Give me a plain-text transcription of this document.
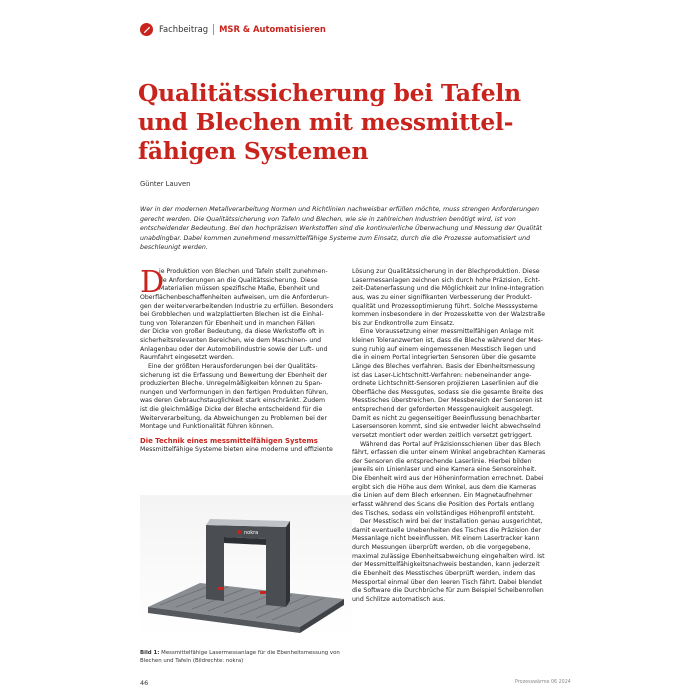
Fachbeitrag MSR & Automatisieren
Qualitätssicherung bei Tafeln und Blechen mit messmittel-fähigen Systemen
Günter Lauven

Wer in der modernen Metallverarbeitung Normen und Richtlinien nachweisbar erfüllen möchte, muss strengen Anforderungen gerecht werden. Die Qualitätssicherung von Tafeln und Blechen, wie sie in zahlreichen Industrien benötigt wird, ist von entscheidender Bedeutung. Bei den hochpräzisen Werkstoffen sind die kontinuierliche Überwachung und Messung der Qualität unabdingbar. Dabei kommen zunehmend messmittelfähige Systeme zum Einsatz, durch die die Prozesse automatisiert und beschleunigt werden.

D
ie Produktion von Blechen und Tafeln stellt zunehmen-
de Anforderungen an die Qualitätssicherung. Diese
Materialien müssen spezifische Maße, Ebenheit und
Oberflächenbeschaffenheiten aufweisen, um die Anforderun-
gen der weiterverarbeitenden Industrie zu erfüllen. Besonders
bei Grobblechen und walzplattierten Blechen ist die Einhal-
tung von Toleranzen für Ebenheit und in manchen Fällen
der Dicke von großer Bedeutung, da diese Werkstoffe oft in
sicherheitsrelevanten Bereichen, wie dem Maschinen- und
Anlagenbau oder der Automobilindustrie sowie der Luft- und
Raumfahrt eingesetzt werden.
Eine der größten Herausforderungen bei der Qualitäts-
sicherung ist die Erfassung und Bewertung der Ebenheit der
produzierten Bleche. Unregelmäßigkeiten können zu Span-
nungen und Verformungen in den fertigen Produkten führen,
was deren Gebrauchstauglichkeit stark einschränkt. Zudem
ist die gleichmäßige Dicke der Bleche entscheidend für die
Weiterverarbeitung, da Abweichungen zu Problemen bei der
Montage und Funktionalität führen können.
Die Technik eines messmittelfähigen Systems
Messmittelfähige Systeme bieten eine moderne und effiziente
nokra
Bild 1: Messmittelfähige Lasermessanlage für die Ebenheitsmessung von Blechen und Tafeln (Bildrechte: nokra)
Lösung zur Qualitätssicherung in der Blechproduktion. Diese
Lasermessanlagen zeichnen sich durch hohe Präzision, Echt-
zeit-Datenerfassung und die Möglichkeit zur Inline-Integration
aus, was zu einer signifikanten Verbesserung der Produkt-
qualität und Prozessoptimierung führt. Solche Messsysteme
kommen insbesondere in der Prozesskette von der Walzstraße
bis zur Endkontrolle zum Einsatz.
Eine Voraussetzung einer messmittelfähigen Anlage mit
kleinen Toleranzwerten ist, dass die Bleche während der Mes-
sung ruhig auf einem eingemessenen Messtisch liegen und
die in einem Portal integrierten Sensoren über die gesamte
Länge des Bleches verfahren. Basis der Ebenheitsmessung
ist das Laser-Lichtschnitt-Verfahren: nebeneinander ange-
ordnete Lichtschnitt-Sensoren projizieren Laserlinien auf die
Oberfläche des Messgutes, sodass sie die gesamte Breite des
Messtisches überstreichen. Der Messbereich der Sensoren ist
entsprechend der geforderten Messgenauigkeit ausgelegt.
Damit es nicht zu gegenseitiger Beeinflussung benachbarter
Lasersensoren kommt, sind sie entweder leicht abwechselnd
versetzt montiert oder werden zeitlich versetzt getriggert.
Während das Portal auf Präzisionsschienen über das Blech
fährt, erfassen die unter einem Winkel angebrachten Kameras
der Sensoren die entsprechende Laserlinie. Hierbei bilden
jeweils ein Linienlaser und eine Kamera eine Sensoreinheit.
Die Ebenheit wird aus der Höheninformation errechnet. Dabei
ergibt sich die Höhe aus dem Winkel, aus dem die Kameras
die Linien auf dem Blech erkennen. Ein Magnetaufnehmer
erfasst während des Scans die Position des Portals entlang
des Tisches, sodass ein vollständiges Höhenprofil entsteht.
Der Messtisch wird bei der Installation genau ausgerichtet,
damit eventuelle Unebenheiten des Tisches die Präzision der
Messanlage nicht beeinflussen. Mit einem Lasertracker kann
durch Messungen überprüft werden, ob die vorgegebene,
maximal zulässige Ebenheitsabweichung eingehalten wird. Ist
der Messmittelfähigkeitsnachweis bestanden, kann jederzeit
die Ebenheit des Messtisches überprüft werden, indem das
Messportal einmal über den leeren Tisch fährt. Dabei blendet
die Software die Durchbrüche für zum Beispiel Scheibenrollen
und Schlitze automatisch aus.
46	Prozesswärme 06 2024
